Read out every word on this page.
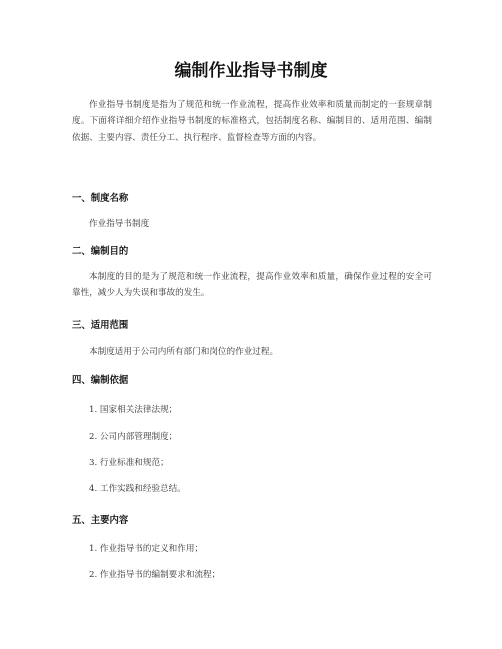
编制作业指导书制度

作业指导书制度是指为了规范和统一作业流程，提高作业效率和质量而制定的一套规章制度。下面将详细介绍作业指导书制度的标准格式，包括制度名称、编制目的、适用范围、编制依据、主要内容、责任分工、执行程序、监督检查等方面的内容。

一、制度名称

作业指导书制度

二、编制目的

本制度的目的是为了规范和统一作业流程，提高作业效率和质量，确保作业过程的安全可靠性，减少人为失误和事故的发生。

三、适用范围

本制度适用于公司内所有部门和岗位的作业过程。

四、编制依据

1. 国家相关法律法规；

2. 公司内部管理制度；

3. 行业标准和规范；

4. 工作实践和经验总结。

五、主要内容

1. 作业指导书的定义和作用；

2. 作业指导书的编制要求和流程；
